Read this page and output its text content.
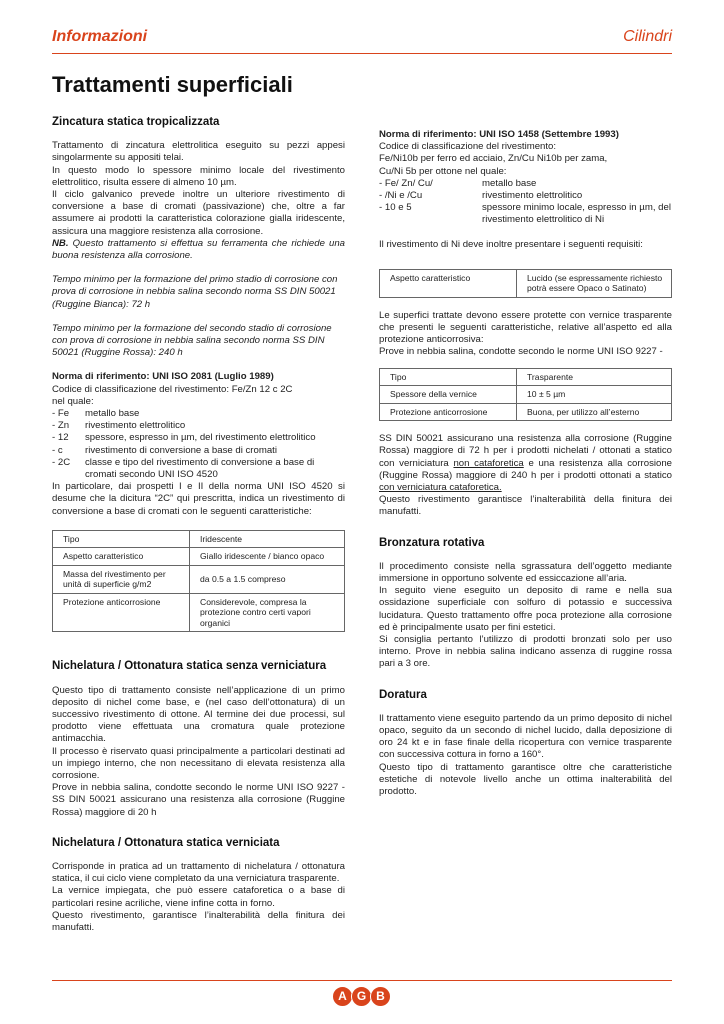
Informazioni	Cilindri
Trattamenti superficiali
Zincatura statica tropicalizzata

Trattamento di zincatura elettrolitica eseguito su pezzi appesi singolarmente su appositi telai.

In questo modo lo spessore minimo locale del rivestimento elettrolitico, risulta essere di almeno 10 µm.

Il ciclo galvanico prevede inoltre un ulteriore rivestimento di conversione a base di cromati (passivazione) che, oltre a far assumere ai prodotti la caratteristica colorazione gialla iridescente, assicura una maggiore resistenza alla corrosione.

NB. Questo trattamento si effettua su ferramenta che richiede una buona resistenza alla corrosione.

Tempo minimo per la formazione del primo stadio di corrosione con prova di corrosione in nebbia salina secondo norma SS DIN 50021 (Ruggine Bianca): 72 h

Tempo minimo per la formazione del secondo stadio di corrosione con prova di corrosione in nebbia salina secondo norma SS DIN 50021 (Ruggine Rossa): 240 h

Norma di riferimento: UNI ISO 2081 (Luglio 1989)

Codice di classificazione del rivestimento: Fe/Zn 12 c 2C

nel quale:

- Fe	metallo base
- Zn	rivestimento elettrolitico
- 12	spessore, espresso in µm, del rivestimento elettrolitico
- c	rivestimento di conversione a base di cromati
- 2C	classe e tipo del rivestimento di conversione a base di cromati secondo UNI ISO 4520

In particolare, dai prospetti I e II della norma UNI ISO 4520 si desume che la dicitura “2C” qui prescritta, indica un rivestimento di conversione a base di cromati con le seguenti caratteristiche:

Tipo	Iridescente
Aspetto caratteristico	Giallo iridescente / bianco opaco
Massa del rivestimento per unità di superficie g/m2	da 0.5 a 1.5 compreso
Protezione anticorrosione	Considerevole, compresa la protezione contro certi vapori organici
Nichelatura / Ottonatura statica senza verniciatura

Questo tipo di trattamento consiste nell’applicazione di un primo deposito di nichel come base, e (nel caso dell’ottonatura) di un successivo rivestimento di ottone. Al termine dei due processi, sul prodotto viene effettuata una cromatura quale protezione antimacchia.

Il processo è riservato quasi principalmente a particolari destinati ad un impiego interno, che non necessitano di elevata resistenza alla corrosione.

Prove in nebbia salina, condotte secondo le norme UNI ISO 9227 - SS DIN 50021 assicurano una resistenza alla corrosione (Ruggine Rossa) maggiore di 20 h

Nichelatura / Ottonatura statica verniciata

Corrisponde in pratica ad un trattamento di nichelatura / ottonatura statica, il cui ciclo viene completato da una verniciatura trasparente.

La vernice impiegata, che può essere cataforetica o a base di particolari resine acriliche, viene infine cotta in forno.

Questo rivestimento, garantisce l’inalterabilità della finitura dei manufatti.

Norma di riferimento: UNI ISO 1458 (Settembre 1993)

Codice di classificazione del rivestimento:

Fe/Ni10b per ferro ed acciaio, Zn/Cu Ni10b per zama,

Cu/Ni 5b per ottone nel quale:

- Fe/ Zn/ Cu/	metallo base
- /Ni e /Cu	rivestimento elettrolitico
- 10 e 5	spessore minimo locale, espresso in µm, del rivestimento elettrolitico di Ni

Il rivestimento di Ni deve inoltre presentare i seguenti requisiti:

Aspetto caratteristico	Lucido (se espressamente richiesto potrà essere Opaco o Satinato)

Le superfici trattate devono essere protette con vernice trasparente che presenti le seguenti caratteristiche, relative all’aspetto ed alla protezione anticorrosiva:

Prove in nebbia salina, condotte secondo le norme UNI ISO 9227 -

Tipo	Trasparente
Spessore della vernice	10 ± 5 µm
Protezione anticorrosione	Buona, per utilizzo all’esterno

SS DIN 50021 assicurano una resistenza alla corrosione (Ruggine Rossa) maggiore di 72 h per i prodotti nichelati / ottonati a statico con verniciatura non cataforetica e una resistenza alla corrosione (Ruggine Rossa) maggiore di 240 h per i prodotti ottonati a statico con verniciatura cataforetica.

Questo rivestimento garantisce l’inalterabilità della finitura dei manufatti.

Bronzatura rotativa

Il procedimento consiste nella sgrassatura dell’oggetto mediante immersione in opportuno solvente ed essiccazione all’aria.

In seguito viene eseguito un deposito di rame e nella sua ossidazione superficiale con solfuro di potassio e successiva lucidatura. Questo trattamento offre poca protezione alla corrosione ed è principalmente usato per fini estetici.

Si consiglia pertanto l’utilizzo di prodotti bronzati solo per uso interno. Prove in nebbia salina indicano assenza di ruggine rossa pari a 3 ore.

Doratura

Il trattamento viene eseguito partendo da un primo deposito di nichel opaco, seguito da un secondo di nichel lucido, dalla deposizione di oro 24 kt e in fase finale della ricopertura con vernice trasparente con successiva cottura in forno a 160°.

Questo tipo di trattamento garantisce oltre che caratteristiche estetiche di notevole livello anche un ottima inalterabilità del prodotto.

A G B
